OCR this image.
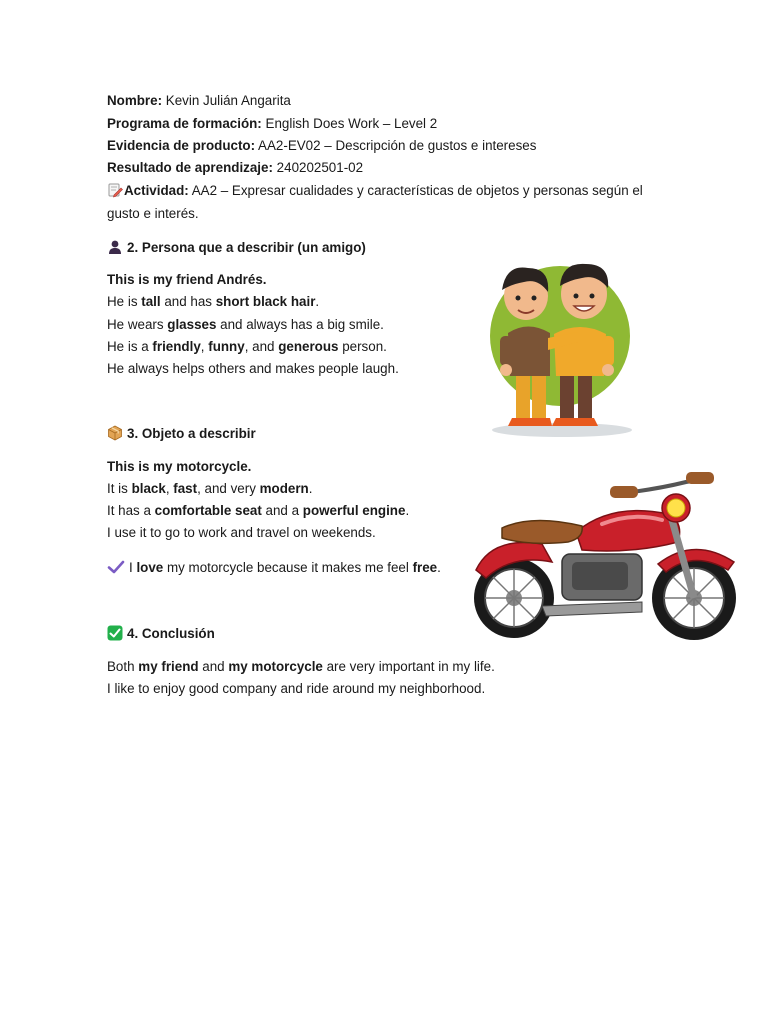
Nombre: Kevin Julián Angarita
Programa de formación: English Does Work – Level 2
Evidencia de producto: AA2-EV02 – Descripción de gustos e intereses
Resultado de aprendizaje: 240202501-02
Actividad: AA2 – Expresar cualidades y características de objetos y personas según el
gusto e interés.
2. Persona que a describir (un amigo)
This is my friend Andrés.
He is tall and has short black hair.
He wears glasses and always has a big smile.
He is a friendly, funny, and generous person.
He always helps others and makes people laugh.
3. Objeto a describir
This is my motorcycle.
It is black, fast, and very modern.
It has a comfortable seat and a powerful engine.
I use it to go to work and travel on weekends.
I love my motorcycle because it makes me feel free.
4. Conclusión
Both my friend and my motorcycle are very important in my life.
I like to enjoy good company and ride around my neighborhood.
